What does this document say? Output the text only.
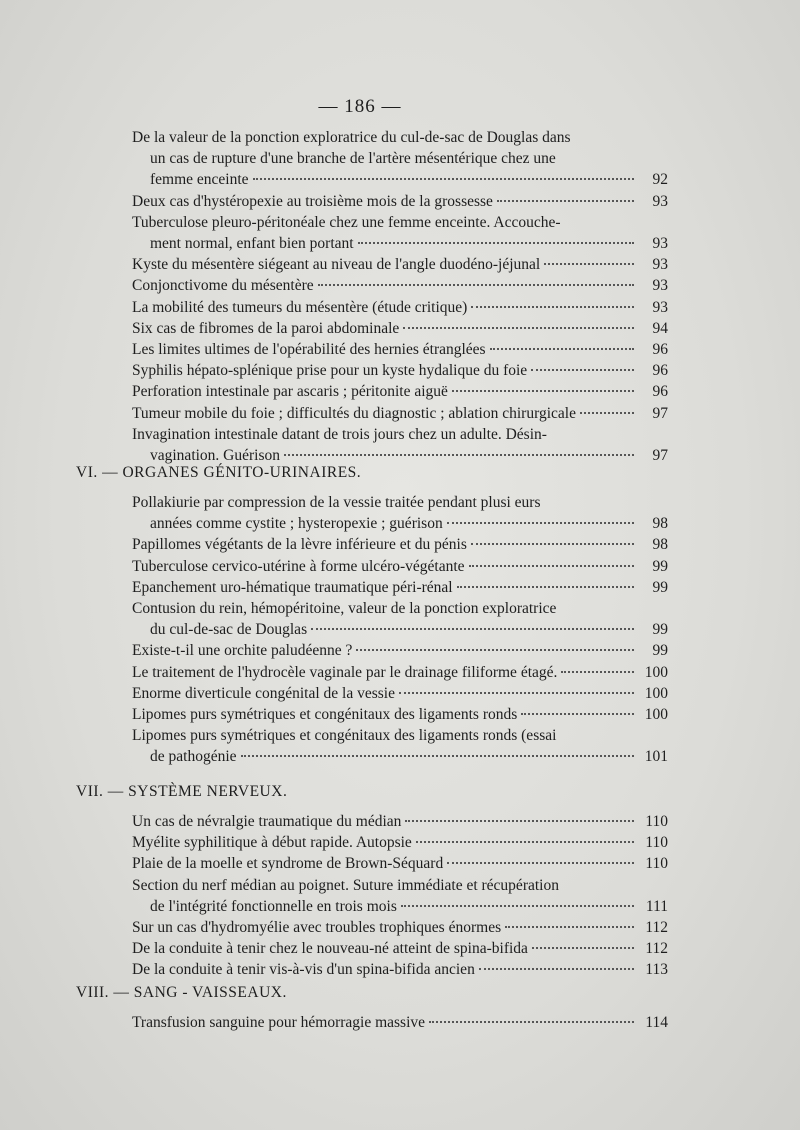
— 186 —
De la valeur de la ponction exploratrice du cul-de-sac de Douglas dans
un cas de rupture d'une branche de l'artère mésentérique chez une
femme enceinte	92
Deux cas d'hystéropexie au troisième mois de la grossesse	93
Tuberculose pleuro-péritonéale chez une femme enceinte. Accouche-
ment normal, enfant bien portant	93
Kyste du mésentère siégeant au niveau de l'angle duodéno-jéjunal	93
Conjonctivome du mésentère	93
La mobilité des tumeurs du mésentère (étude critique)	93
Six cas de fibromes de la paroi abdominale	94
Les limites ultimes de l'opérabilité des hernies étranglées	96
Syphilis hépato-splénique prise pour un kyste hydalique du foie	96
Perforation intestinale par ascaris ; péritonite aiguë	96
Tumeur mobile du foie ; difficultés du diagnostic ; ablation chirurgicale	97
Invagination intestinale datant de trois jours chez un adulte. Désin-
vagination. Guérison	97
VI. — ORGANES GÉNITO-URINAIRES.
Pollakiurie par compression de la vessie traitée pendant plusi eurs
années comme cystite ; hysteropexie ; guérison	98
Papillomes végétants de la lèvre inférieure et du pénis	98
Tuberculose cervico-utérine à forme ulcéro-végétante	99
Epanchement uro-hématique traumatique péri-rénal	99
Contusion du rein, hémopéritoine, valeur de la ponction exploratrice
du cul-de-sac de Douglas	99
Existe-t-il une orchite paludéenne ?	99
Le traitement de l'hydrocèle vaginale par le drainage filiforme étagé.	100
Enorme diverticule congénital de la vessie	100
Lipomes purs symétriques et congénitaux des ligaments ronds	100
Lipomes purs symétriques et congénitaux des ligaments ronds (essai
de pathogénie	101
VII. — SYSTÈME NERVEUX.
Un cas de névralgie traumatique du médian	110
Myélite syphilitique à début rapide. Autopsie	110
Plaie de la moelle et syndrome de Brown-Séquard	110
Section du nerf médian au poignet. Suture immédiate et récupération
de l'intégrité fonctionnelle en trois mois	111
Sur un cas d'hydromyélie avec troubles trophiques énormes	112
De la conduite à tenir chez le nouveau-né atteint de spina-bifida	112
De la conduite à tenir vis-à-vis d'un spina-bifida ancien	113
VIII. — SANG - VAISSEAUX.
Transfusion sanguine pour hémorragie massive	114
